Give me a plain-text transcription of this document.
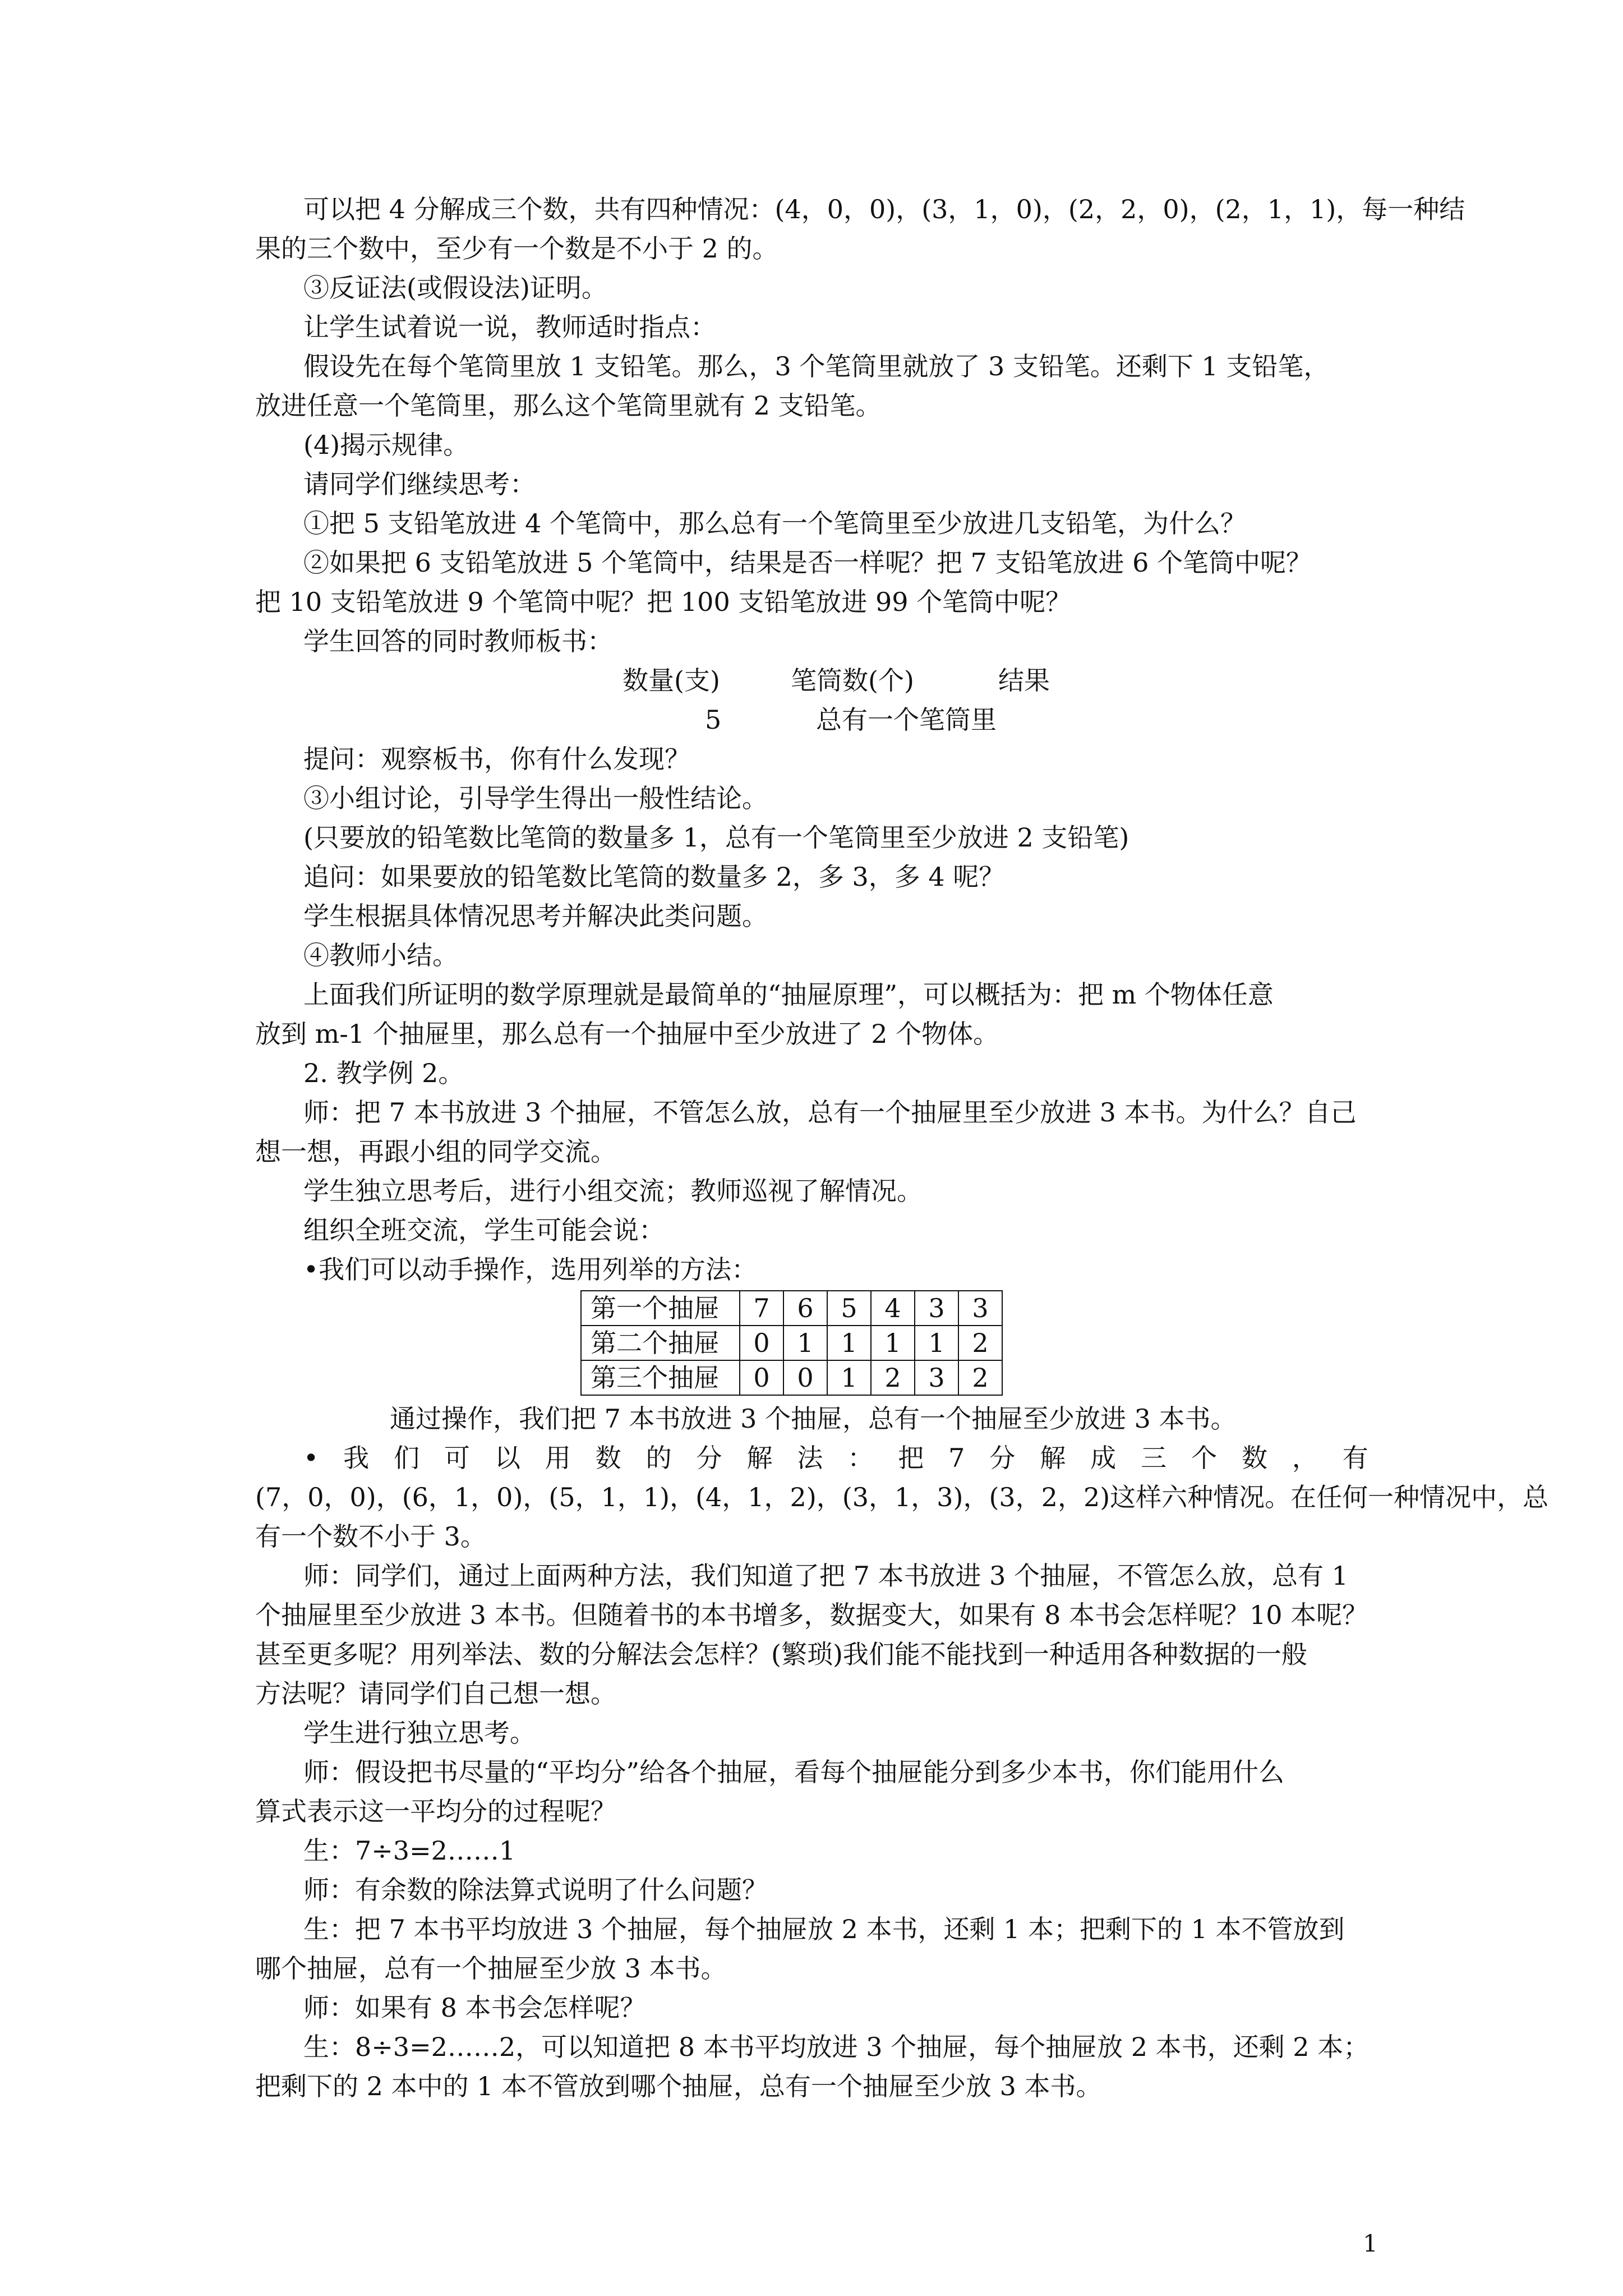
可以把 4 分解成三个数，共有四种情况：(4，0，0)，(3，1，0)，(2，2，0)，(2，1，1)，每一种结
果的三个数中，至少有一个数是不小于 2 的。
③反证法(或假设法)证明。
让学生试着说一说，教师适时指点：
假设先在每个笔筒里放 1 支铅笔。那么，3 个笔筒里就放了 3 支铅笔。还剩下 1 支铅笔，
放进任意一个笔筒里，那么这个笔筒里就有 2 支铅笔。
(4)揭示规律。
请同学们继续思考：
①把 5 支铅笔放进 4 个笔筒中，那么总有一个笔筒里至少放进几支铅笔，为什么？
②如果把 6 支铅笔放进 5 个笔筒中，结果是否一样呢？把 7 支铅笔放进 6 个笔筒中呢？
把 10 支铅笔放进 9 个笔筒中呢？把 100 支铅笔放进 99 个笔筒中呢？
学生回答的同时教师板书：
数量(支)	笔筒数(个)	结果
5	总有一个笔筒里
提问：观察板书，你有什么发现？
③小组讨论，引导学生得出一般性结论。
(只要放的铅笔数比笔筒的数量多 1，总有一个笔筒里至少放进 2 支铅笔)
追问：如果要放的铅笔数比笔筒的数量多 2，多 3，多 4 呢？
学生根据具体情况思考并解决此类问题。
④教师小结。
上面我们所证明的数学原理就是最简单的“抽屉原理”，可以概括为：把 m 个物体任意
放到 m-1 个抽屉里，那么总有一个抽屉中至少放进了 2 个物体。
2. 教学例 2。
师：把 7 本书放进 3 个抽屉，不管怎么放，总有一个抽屉里至少放进 3 本书。为什么？自己
想一想，再跟小组的同学交流。
学生独立思考后，进行小组交流；教师巡视了解情况。
组织全班交流，学生可能会说：
•我们可以动手操作，选用列举的方法：
第一个抽屉	7	6	5	4	3	3
第二个抽屉	0	1	1	1	1	2
第三个抽屉	0	0	1	2	3	2
通过操作，我们把 7 本书放进 3 个抽屉，总有一个抽屉至少放进 3 本书。
• 我 们 可 以 用 数 的 分 解 法 ： 把 7 分 解 成 三 个 数 ， 有
(7，0，0)，(6，1，0)，(5，1，1)，(4，1，2)，(3，1，3)，(3，2，2)这样六种情况。在任何一种情况中，总
有一个数不小于 3。
师：同学们，通过上面两种方法，我们知道了把 7 本书放进 3 个抽屉，不管怎么放，总有 1
个抽屉里至少放进 3 本书。但随着书的本书增多，数据变大，如果有 8 本书会怎样呢？10 本呢？
甚至更多呢？用列举法、数的分解法会怎样？(繁琐)我们能不能找到一种适用各种数据的一般
方法呢？请同学们自己想一想。
学生进行独立思考。
师：假设把书尽量的“平均分”给各个抽屉，看每个抽屉能分到多少本书，你们能用什么
算式表示这一平均分的过程呢？
生：7÷3=2……1
师：有余数的除法算式说明了什么问题？
生：把 7 本书平均放进 3 个抽屉，每个抽屉放 2 本书，还剩 1 本；把剩下的 1 本不管放到
哪个抽屉，总有一个抽屉至少放 3 本书。
师：如果有 8 本书会怎样呢？
生：8÷3=2……2，可以知道把 8 本书平均放进 3 个抽屉，每个抽屉放 2 本书，还剩 2 本；
把剩下的 2 本中的 1 本不管放到哪个抽屉，总有一个抽屉至少放 3 本书。
1
